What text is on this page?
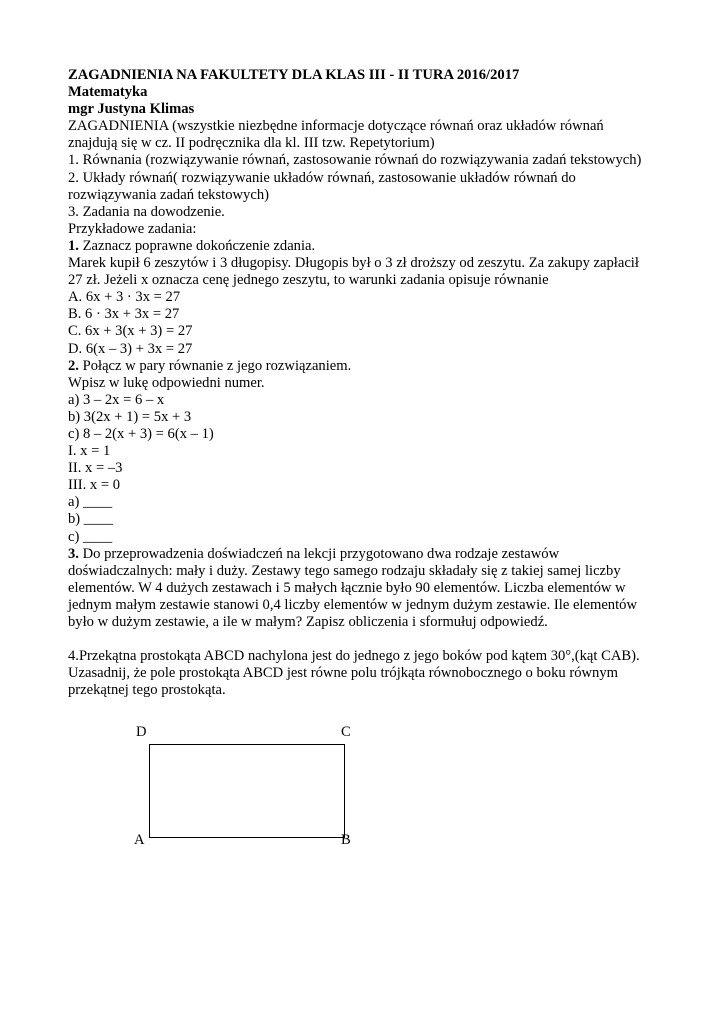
ZAGADNIENIA NA FAKULTETY DLA KLAS III - II TURA 2016/2017
Matematyka
mgr Justyna Klimas
ZAGADNIENIA (wszystkie niezbędne informacje dotyczące równań oraz układów równań
znajdują się w cz. II podręcznika dla kl. III tzw. Repetytorium)
1. Równania (rozwiązywanie równań, zastosowanie równań do rozwiązywania zadań tekstowych)
2. Układy równań( rozwiązywanie układów równań, zastosowanie układów równań do
rozwiązywania zadań tekstowych)
3. Zadania na dowodzenie.
Przykładowe zadania:
1. Zaznacz poprawne dokończenie zdania.
Marek kupił 6 zeszytów i 3 długopisy. Długopis był o 3 zł droższy od zeszytu. Za zakupy zapłacił
27 zł. Jeżeli x oznacza cenę jednego zeszytu, to warunki zadania opisuje równanie
A. 6x + 3 · 3x = 27
B. 6 · 3x + 3x = 27
C. 6x + 3(x + 3) = 27
D. 6(x – 3) + 3x = 27
2. Połącz w pary równanie z jego rozwiązaniem.
Wpisz w lukę odpowiedni numer.
a) 3 – 2x = 6 – x
b) 3(2x + 1) = 5x + 3
c) 8 – 2(x + 3) = 6(x – 1)
I. x = 1
II. x = –3
III. x = 0
a) ____
b) ____
c) ____
3. Do przeprowadzenia doświadczeń na lekcji przygotowano dwa rodzaje zestawów
doświadczalnych: mały i duży. Zestawy tego samego rodzaju składały się z takiej samej liczby
elementów. W 4 dużych zestawach i 5 małych łącznie było 90 elementów. Liczba elementów w
jednym małym zestawie stanowi 0,4 liczby elementów w jednym dużym zestawie. Ile elementów
było w dużym zestawie, a ile w małym? Zapisz obliczenia i sformułuj odpowiedź.
4.Przekątna prostokąta ABCD nachylona jest do jednego z jego boków pod kątem 30°,(kąt CAB).
Uzasadnij, że pole prostokąta ABCD jest równe polu trójkąta równobocznego o boku równym
przekątnej tego prostokąta.
D	C
A	B
